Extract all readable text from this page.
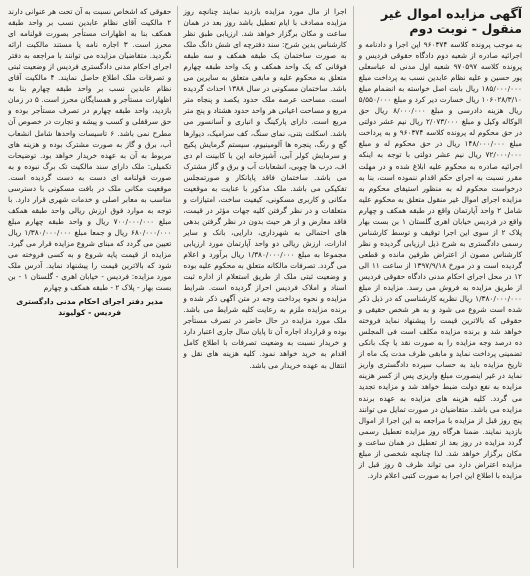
آگهی مزایده اموال غیر منقول - نوبت دوم

به موجب پرونده کلاسه ۹۶۰۳۷۴ این اجرا و دادنامه و اجرائیه صادره از شعبه دوم دادگاه حقوقی فردیس و پرونده کلاسه ۹۷۰۵۹۷ شعبه اول مدنی له عباسعلی پور حسین و علیه نظام عابدین نسب به پرداخت مبلغ ۱۸۵/۰۰۰/۰۰۰ ریال بابت اصل خواسته به انضمام مبلغ ۱۰۶۰۲۸/۳/۱۰ ریال خسارت دیر کرد و مبلغ ۵/۵۵۰/۰۰۰ ریال هزینه دادرسی و مبلغ ۸/۰۰۰/۰۰۰ ریال حق الوکاله وکیل و مبلغ ۲/۰۷۳/۰۰۰ ریال نیم عشر دولتی در حق محکوم له پرونده کلاسه ۹۶۰۳۷۴ و به پرداخت مبلغ ۱۴۸/۰۰۰/۰۰۰ ریال در حق محکوم له و مبلغ ۷۲/۰۰۰/۰۰۰ ریال نیم عشر دولتی با توجه به اینکه اجرائیه صادره به محکوم علیه ابلاغ شده و در مهلت مقرر نسبت به اجرای حکم اقدام ننموده است، بنا به درخواست محکوم له به منظور استیفای محکوم به مزایده اجرای اموال غیر منقول متعلق به محکوم علیه شامل ۲ واحد آپارتمان واقع در طبقه همکف و چهارم واقع در فردیس خیابان اهری گلستان ۱ بن بست بهار پلاک ۲ از سوی این اجرا توقیف و توسط کارشناس رسمی دادگستری به شرح ذیل ارزیابی گردیده و نظر کارشناس مصون از اعتراض طرفین مانده و قطعی گردیده است و در مورخ ۱۳۹۷/۹/۱۸ از ساعت ۱۱ الی ۱۲ در محل اجرای احکام مدنی دادگاه حقوقی فردیس از طریق مزایده به فروش می رسد. مزایده از مبلغ ۱/۳۸۰/۰۰۰/۰۰۰ ریال نظریه کارشناسی که در ذیل ذکر شده است شروع می شود و به هر شخص حقیقی و حقوقی که بالاترین قیمت را پیشنهاد نماید فروخته خواهد شد و برنده مزایده مکلف است فی المجلس ده درصد وجه مزایده را به صورت نقد یا چک بانکی تضمینی پرداخت نماید و مابقی ظرف مدت یک ماه از تاریخ مزایده باید به حساب سپرده دادگستری واریز نماید در غیر اینصورت مبلغ واریزی پس از کسر هزینه مزایده به نفع دولت ضبط خواهد شد و مزایده تجدید می گردد. کلیه هزینه های مزایده به عهده برنده مزایده می باشد. متقاضیان در صورت تمایل می توانند پنج روز قبل از مزایده با مراجعه به این اجرا از اموال بازدید نمایند. ضمنا هرگاه روز مزایده تعطیل رسمی گردد مزایده در روز بعد از تعطیل در همان ساعت و مکان برگزار خواهد شد. لذا چنانچه شخصی از مبلغ مزایده اعتراض دارد می تواند ظرف ۵ روز قبل از مزایده با اطلاع این اجرا به صورت کتبی اعلام دارد.

اجرا از مال مورد مزایده بازدید نمایند چنانچه روز مزایده مصادف با ایام تعطیل باشد روز بعد در همان ساعت و مکان برگزار خواهد شد. ارزیابی طبق نظر کارشناس بدین شرح: سند دفترچه ای شش دانگ ملک به صورت ساختمان یک طبقه همکف و سه طبقه فوقانی که یک واحد همکف و یک واحد طبقه چهارم متعلق به محکوم علیه و مابقی متعلق به سایرین می باشد. ساختمان مسکونی در سال ۱۳۸۸ احداث گردیده است. مساحت عرصه ملک حدود یکصد و پنجاه متر مربع و مساحت اعیانی هر واحد حدود هشتاد و پنج متر مربع است. دارای پارکینگ و انباری و آسانسور می باشد. اسکلت بتنی، نمای سنگ، کف سرامیک، دیوارها گچ و رنگ، پنجره ها آلومینیوم، سیستم گرمایش پکیج و سرمایش کولر آبی، آشپزخانه اپن با کابینت ام دی اف، درب ها چوبی، انشعابات آب و برق و گاز مشترک می باشد. ساختمان فاقد پایانکار و صورتمجلس تفکیکی می باشد. ملک مذکور با عنایت به موقعیت مکانی و کاربری مسکونی، کیفیت ساخت، امتیازات و متعلقات و در نظر گرفتن کلیه جهات مؤثر در قیمت، فاقد معارض و از هر حیث بدون در نظر گرفتن بدهی های احتمالی به شهرداری، دارایی، بانک و سایر ادارات، ارزش ریالی دو واحد آپارتمان مورد ارزیابی مجموعا به مبلغ ۱/۳۸۰/۰۰۰/۰۰۰ ریال برآورد و اعلام می گردد. تصرفات مالکانه متعلق به محکوم علیه بوده و وضعیت ثبتی ملک از طریق استعلام از اداره ثبت اسناد و املاک فردیس احراز گردیده است. شرایط مزایده و نحوه پرداخت وجه در متن آگهی ذکر شده و برنده مزایده ملزم به رعایت کلیه شرایط می باشد. ملک مورد مزایده در حال حاضر در تصرف مستأجر بوده و قرارداد اجاره آن تا پایان سال جاری اعتبار دارد و خریدار نسبت به وضعیت تصرفات با اطلاع کامل اقدام به خرید خواهد نمود. کلیه هزینه های نقل و انتقال به عهده خریدار می باشد.

حقوقی که اشخاص نسبت به آن تحت هر عنوانی دارند ۲ مالکیت آقای نظام عابدین نسب بر واحد طبقه همکف بنا به اظهارات مستأجر بصورت قولنامه ای محرز است. ۳ اجاره نامه یا مستند مالکیت ارائه نگردید. متقاضیان مزایده می توانند با مراجعه به دفتر اجرای احکام مدنی دادگستری فردیس از وضعیت ثبتی و تصرفات ملک اطلاع حاصل نمایند. ۴ مالکیت آقای نظام عابدین نسب بر واحد طبقه چهارم بنا به اظهارات مستأجر و همسایگان محرز است. ۵ در زمان بازدید، واحد طبقه چهارم در تصرف مستأجر بوده و حق سرقفلی و کسب و پیشه و تجارت در خصوص آن مطرح نمی باشد. ۶ تاسیسات واحدها شامل انشعاب آب، برق و گاز به صورت مشترک بوده و هزینه های مربوط به آن به عهده خریدار خواهد بود. توضیحات تکمیلی: ملک دارای سند مالکیت تک برگ نبوده و به صورت قولنامه ای دست به دست گردیده است. موقعیت مکانی ملک در بافت مسکونی با دسترسی مناسب به معابر اصلی و خدمات شهری قرار دارد. با توجه به موارد فوق ارزش ریالی واحد طبقه همکف مبلغ ۷۰۰/۰۰۰/۰۰۰ ریال و واحد طبقه چهارم مبلغ ۶۸۰/۰۰۰/۰۰۰ ریال و جمعا مبلغ ۱/۳۸۰/۰۰۰/۰۰۰ ریال تعیین می گردد که مبنای شروع مزایده قرار می گیرد. مزایده از قیمت پایه شروع و به کسی فروخته می شود که بالاترین قیمت را پیشنهاد نماید. آدرس ملک مورد مزایده: فردیس - خیابان اهری - گلستان ۱ - بن بست بهار - پلاک ۲ - طبقه همکف و چهارم

مدیر دفتر اجرای احکام مدنی دادگستری فردیس - کولیوند
